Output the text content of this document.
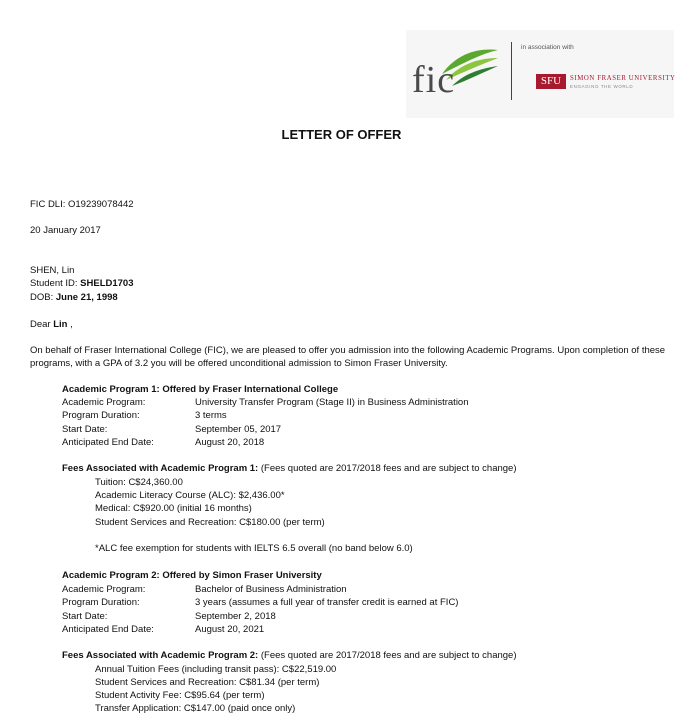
fic
in association with
SFU	SIMON FRASER UNIVERSITY
ENGAGING THE WORLD
LETTER OF OFFER
FIC DLI: O19239078442
20 January 2017
SHEN, Lin
Student ID: SHELD1703
DOB: June 21, 1998
Dear Lin ,
On behalf of Fraser International College (FIC), we are pleased to offer you admission into the following Academic Programs. Upon completion of these
programs, with a GPA of 3.2 you will be offered unconditional admission to Simon Fraser University.
Academic Program 1: Offered by Fraser International College
Academic Program:	University Transfer Program (Stage II) in Business Administration
Program Duration:	3 terms
Start Date:	September 05, 2017
Anticipated End Date:	August 20, 2018
Fees Associated with Academic Program 1: (Fees quoted are 2017/2018 fees and are subject to change)
Tuition: C$24,360.00
Academic Literacy Course (ALC): $2,436.00*
Medical: C$920.00 (initial 16 months)
Student Services and Recreation: C$180.00 (per term)
*ALC fee exemption for students with IELTS 6.5 overall (no band below 6.0)
Academic Program 2: Offered by Simon Fraser University
Academic Program:	Bachelor of Business Administration
Program Duration:	3 years (assumes a full year of transfer credit is earned at FIC)
Start Date:	September 2, 2018
Anticipated End Date:	August 20, 2021
Fees Associated with Academic Program 2: (Fees quoted are 2017/2018 fees and are subject to change)
Annual Tuition Fees (including transit pass): C$22,519.00
Student Services and Recreation: C$81.34 (per term)
Student Activity Fee: C$95.64 (per term)
Transfer Application: C$147.00 (paid once only)
